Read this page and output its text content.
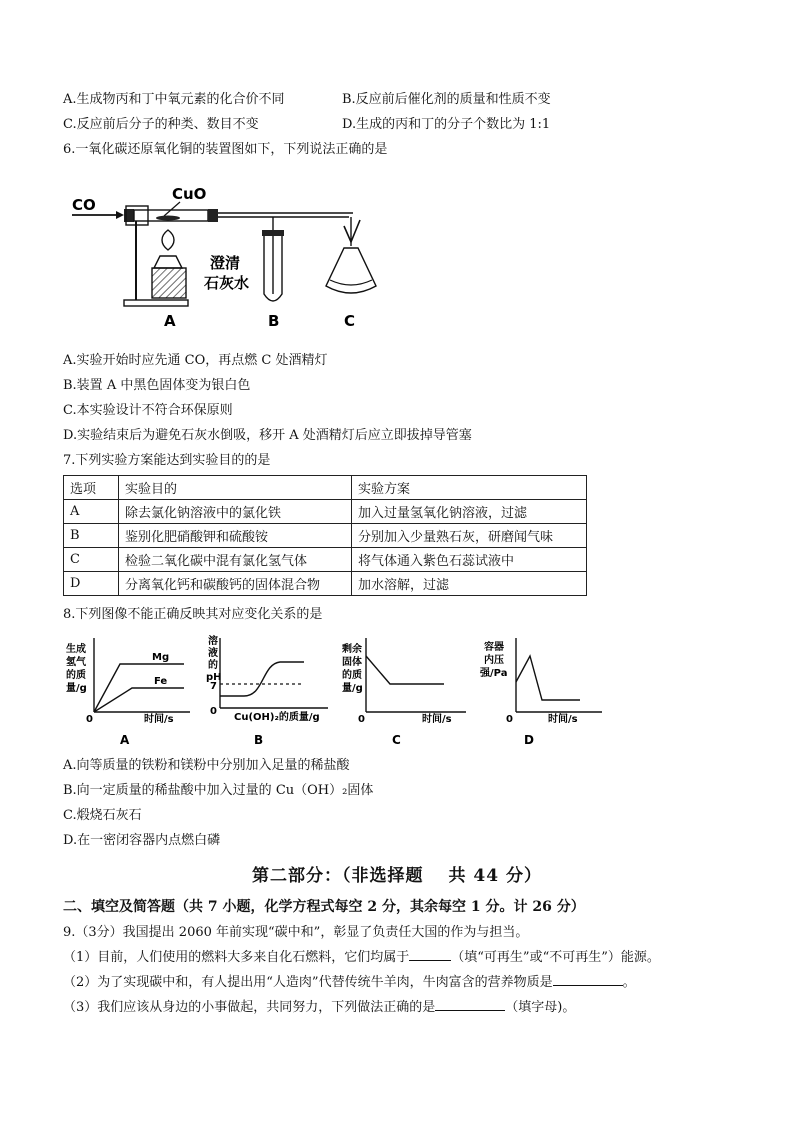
A.生成物丙和丁中氧元素的化合价不同	B.反应前后催化剂的质量和性质不变
C.反应前后分子的种类、数目不变	D.生成的丙和丁的分子个数比为 1:1
6.一氧化碳还原氧化铜的装置图如下，下列说法正确的是
CO
CuO
A
澄清
石灰水
B	C
A.实验开始时应先通 CO，再点燃 C 处酒精灯
B.装置 A 中黑色固体变为银白色
C.本实验设计不符合环保原则
D.实验结束后为避免石灰水倒吸，移开 A 处酒精灯后应立即拔掉导管塞
7.下列实验方案能达到实验目的的是
选项	实验目的	实验方案
A	除去氯化钠溶液中的氯化铁	加入过量氢氧化钠溶液，过滤
B	鉴别化肥硝酸钾和硫酸铵	分别加入少量熟石灰，研磨闻气味
C	检验二氧化碳中混有氯化氢气体	将气体通入紫色石蕊试液中
D	分离氧化钙和碳酸钙的固体混合物	加水溶解，过滤
8.下列图像不能正确反映其对应变化关系的是
生成
氢气
的质
量/g
0	时间/s
Mg
Fe
A
溶
液
的
pH
7
0
Cu(OH)₂的质量/g
B
剩余
固体
的质
量/g
0	时间/s
C
容器
内压
强/Pa
0	时间/s
D
A.向等质量的铁粉和镁粉中分别加入足量的稀盐酸
B.向一定质量的稀盐酸中加入过量的 Cu（OH）₂固体
C.煅烧石灰石
D.在一密闭容器内点燃白磷
第二部分：（非选择题　 共 44 分）
二、填空及简答题（共 7 小题，化学方程式每空 2 分，其余每空 1 分。计 26 分）
9.（3分）我国提出 2060 年前实现“碳中和”，彰显了负责任大国的作为与担当。
（1）目前，人们使用的燃料大多来自化石燃料，它们均属于	（填“可再生”或“不可再生”）能源。
（2）为了实现碳中和，有人提出用“人造肉”代替传统牛羊肉，牛肉富含的营养物质是	。
（3）我们应该从身边的小事做起，共同努力，下列做法正确的是	（填字母)。
